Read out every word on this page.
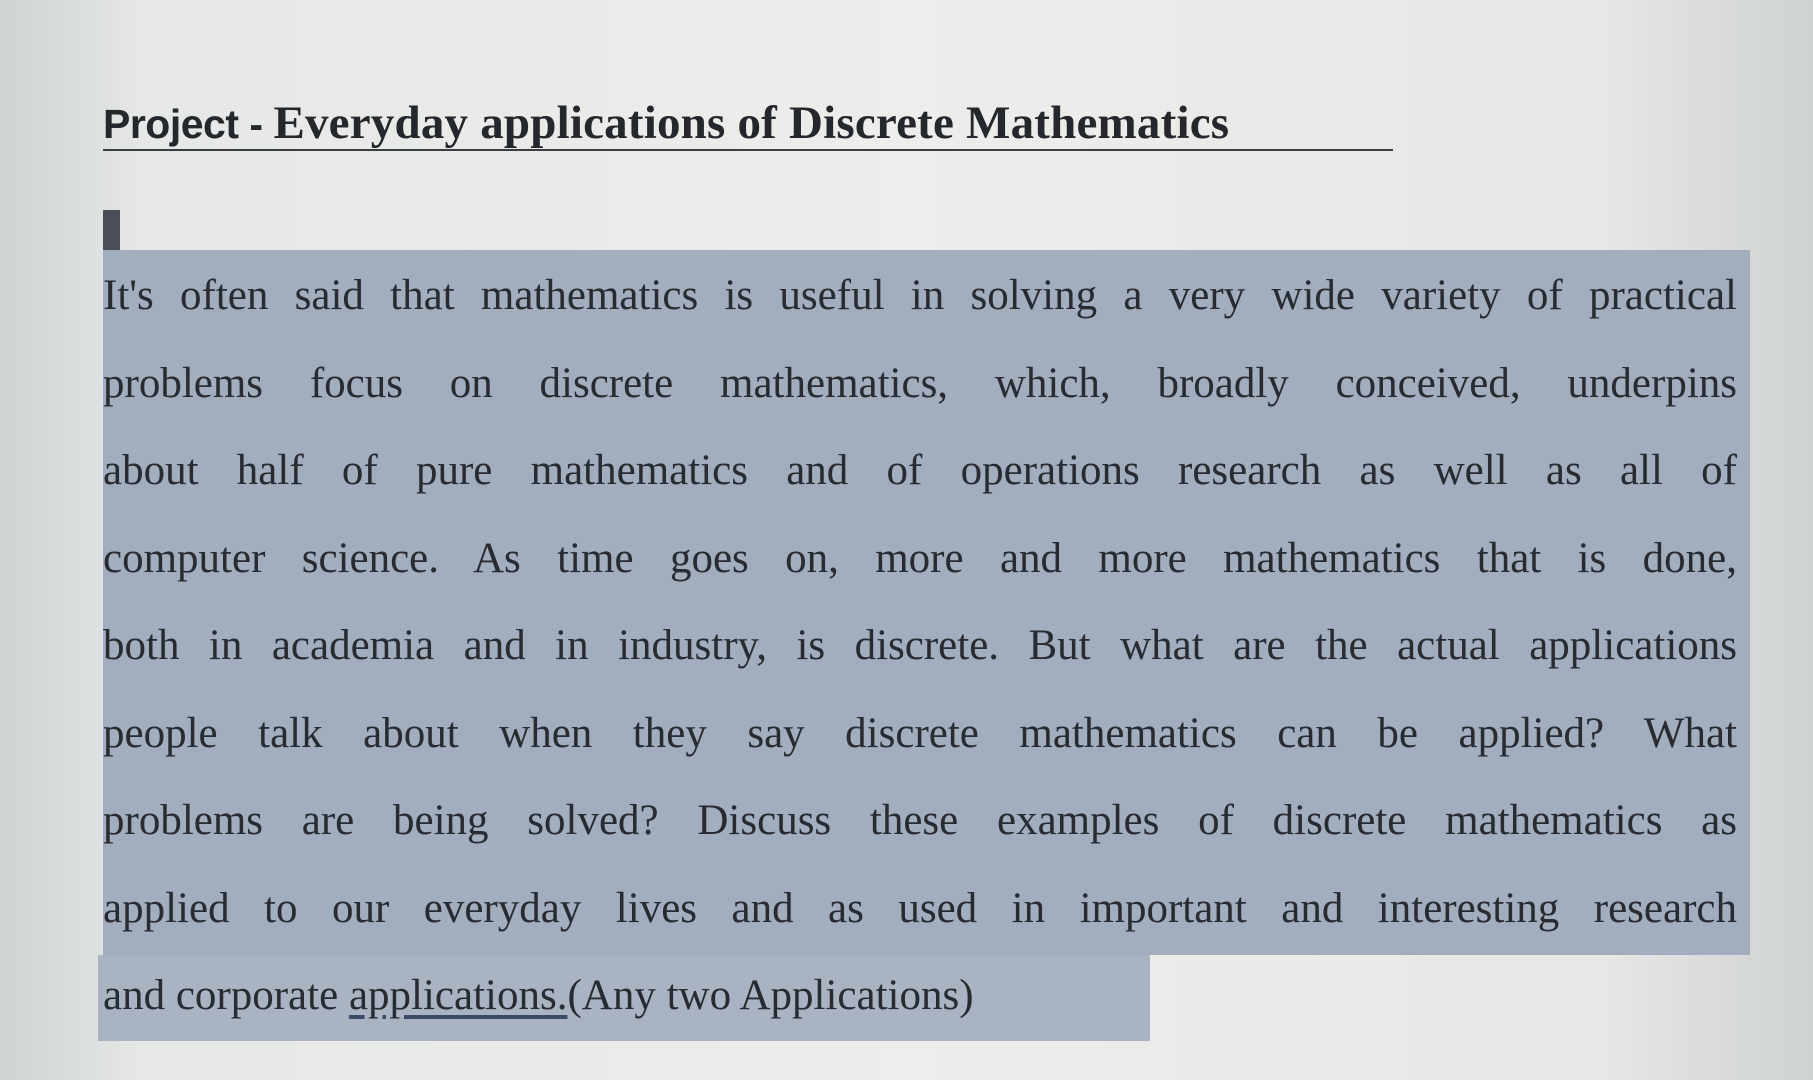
Project - Everyday applications of Discrete Mathematics
It's often said that mathematics is useful in solving a very wide variety of practical
problems focus on discrete mathematics, which, broadly conceived, underpins
about half of pure mathematics and of operations research as well as all of
computer science. As time goes on, more and more mathematics that is done,
both in academia and in industry, is discrete. But what are the actual applications
people talk about when they say discrete mathematics can be applied? What
problems are being solved? Discuss these examples of discrete mathematics as
applied to our everyday lives and as used in important and interesting research
and corporate applications.(Any two Applications)
